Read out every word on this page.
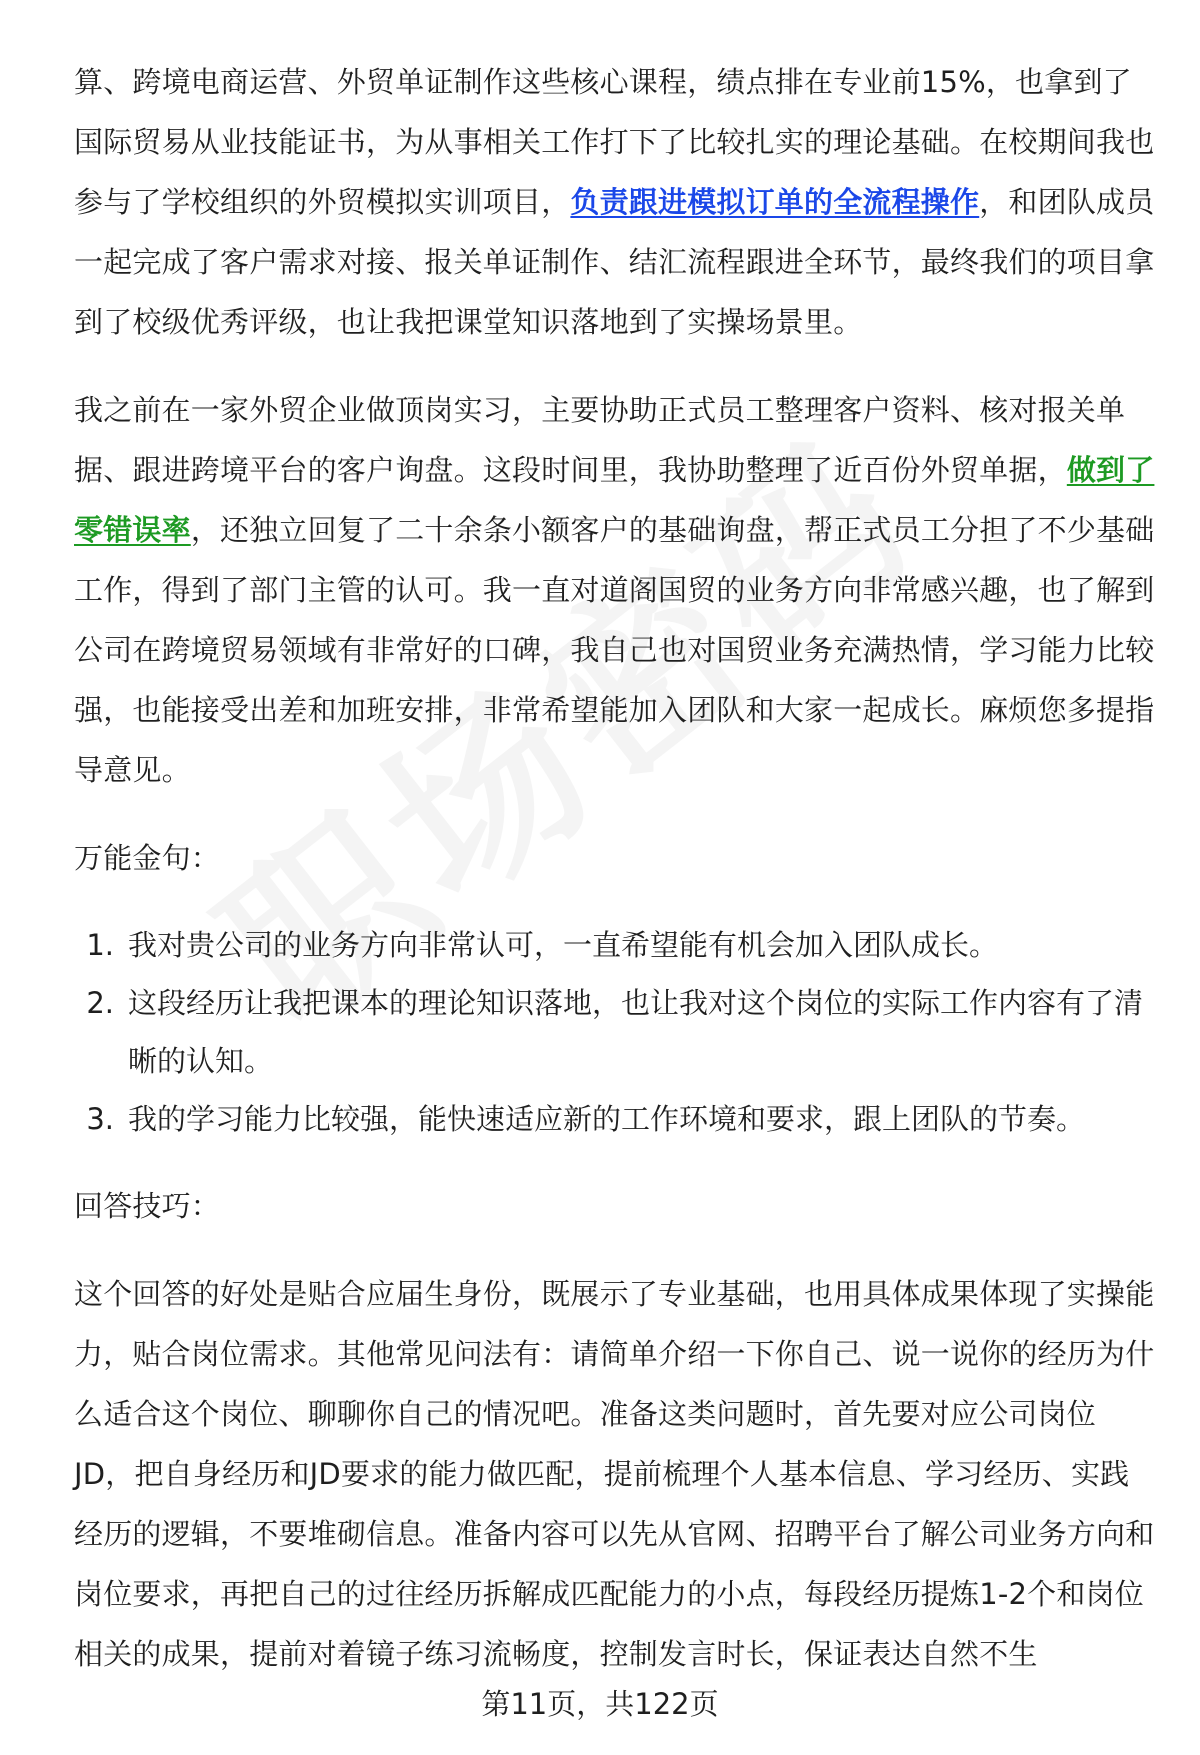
算、跨境电商运营、外贸单证制作这些核心课程，绩点排在专业前15%，也拿到了国际贸易从业技能证书，为从事相关工作打下了比较扎实的理论基础。在校期间我也参与了学校组织的外贸模拟实训项目，负责跟进模拟订单的全流程操作，和团队成员一起完成了客户需求对接、报关单证制作、结汇流程跟进全环节，最终我们的项目拿到了校级优秀评级，也让我把课堂知识落地到了实操场景里。

我之前在一家外贸企业做顶岗实习，主要协助正式员工整理客户资料、核对报关单据、跟进跨境平台的客户询盘。这段时间里，我协助整理了近百份外贸单据，做到了零错误率，还独立回复了二十余条小额客户的基础询盘，帮正式员工分担了不少基础工作，得到了部门主管的认可。我一直对道阁国贸的业务方向非常感兴趣，也了解到公司在跨境贸易领域有非常好的口碑，我自己也对国贸业务充满热情，学习能力比较强，也能接受出差和加班安排，非常希望能加入团队和大家一起成长。麻烦您多提指导意见。

万能金句：

1. 我对贵公司的业务方向非常认可，一直希望能有机会加入团队成长。
2. 这段经历让我把课本的理论知识落地，也让我对这个岗位的实际工作内容有了清晰的认知。
3. 我的学习能力比较强，能快速适应新的工作环境和要求，跟上团队的节奏。

回答技巧：

这个回答的好处是贴合应届生身份，既展示了专业基础，也用具体成果体现了实操能力，贴合岗位需求。其他常见问法有：请简单介绍一下你自己、说一说你的经历为什么适合这个岗位、聊聊你自己的情况吧。准备这类问题时，首先要对应公司岗位JD，把自身经历和JD要求的能力做匹配，提前梳理个人基本信息、学习经历、实践经历的逻辑，不要堆砌信息。准备内容可以先从官网、招聘平台了解公司业务方向和岗位要求，再把自己的过往经历拆解成匹配能力的小点，每段经历提炼1-2个和岗位相关的成果，提前对着镜子练习流畅度，控制发言时长，保证表达自然不生

第11页，共122页
